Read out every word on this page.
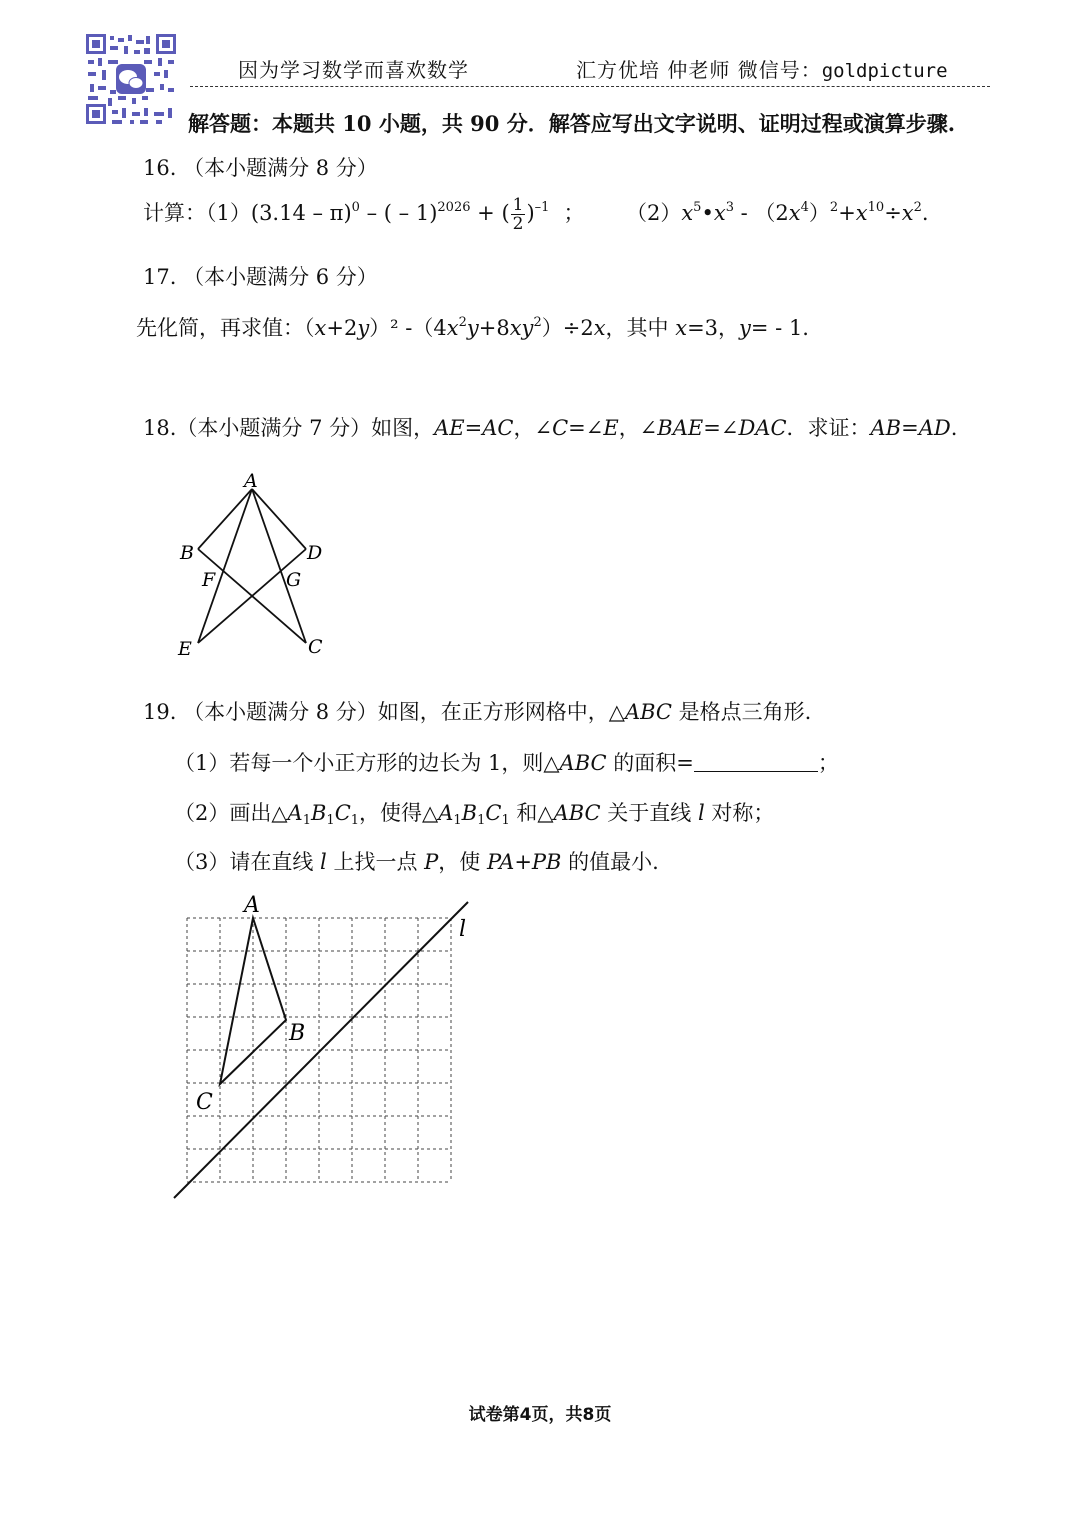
因为学习数学而喜欢数学	汇方优培 仲老师 微信号：goldpicture
解答题：本题共 10 小题，共 90 分．解答应写出文字说明、证明过程或演算步骤.
16. （本小题满分 8 分）
计算：（1）(3.14 – π)$^0$ – ( – 1)$^{2026}$ + ( $\frac{1}{2} )^{-1}$ ； $(2)x^5•x^3 - (2x^4)^2+x^{10}\div x^2$.
17. （本小题满分 6 分）
先化简，再求值：（x+2y）² $-(4x^2y+8xy^2)\div 2x$，其中 x=3，y= - 1.
18.（本小题满分 7 分）如图，AE=AC，∠C=∠E，∠BAE=∠DAC．求证：AB=AD.
A
B	D
F	G
E	C
19. （本小题满分 8 分）如图，在正方形网格中，△ABC 是格点三角形.
（1）若每一个小正方形的边长为 1，则△ABC 的面积=	；
（2）画出$\triangle A_1B_1C_1$，使得$\triangle A_1B_1C_1$ 和△ABC 关于直线 l 对称；
（3）请在直线 l 上找一点 P，使 PA+PB 的值最小.
A
B
C
l
试卷第4页，共8页
